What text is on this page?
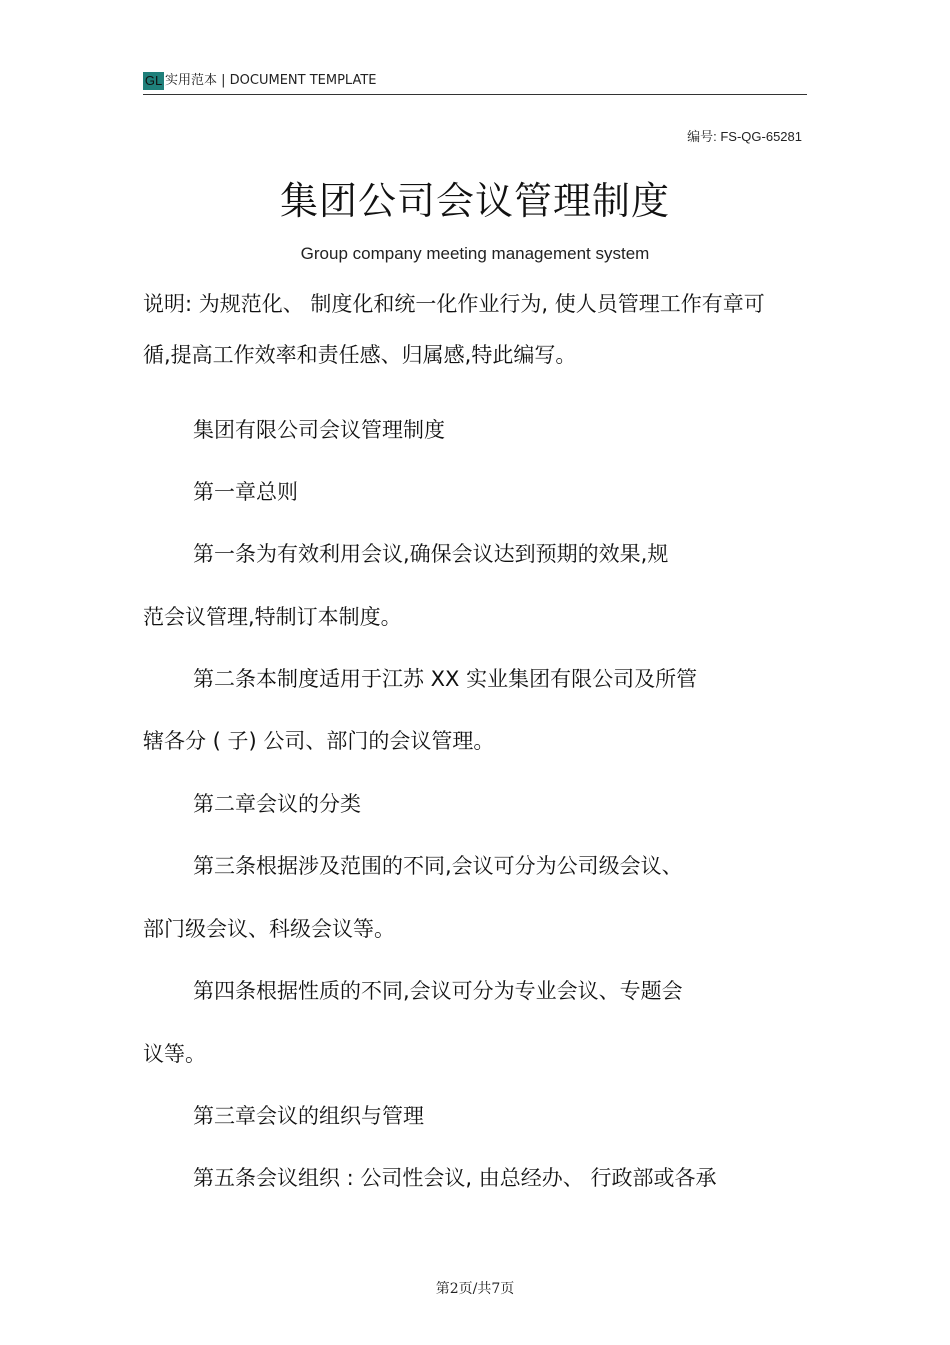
GL 实用范本 | DOCUMENT TEMPLATE
编号: FS-QG-65281
集团公司会议管理制度
Group company meeting management system
说明: 为规范化、 制度化和统一化作业行为, 使人员管理工作有章可
循,提高工作效率和责任感、归属感,特此编写。
集团有限公司会议管理制度
第一章总则
第一条为有效利用会议,确保会议达到预期的效果,规
范会议管理,特制订本制度。
第二条本制度适用于江苏 XX 实业集团有限公司及所管
辖各分 ( 子) 公司、部门的会议管理。
第二章会议的分类
第三条根据涉及范围的不同,会议可分为公司级会议、
部门级会议、科级会议等。
第四条根据性质的不同,会议可分为专业会议、专题会
议等。
第三章会议的组织与管理
第五条会议组织 : 公司性会议, 由总经办、 行政部或各承
第2页/共7页
